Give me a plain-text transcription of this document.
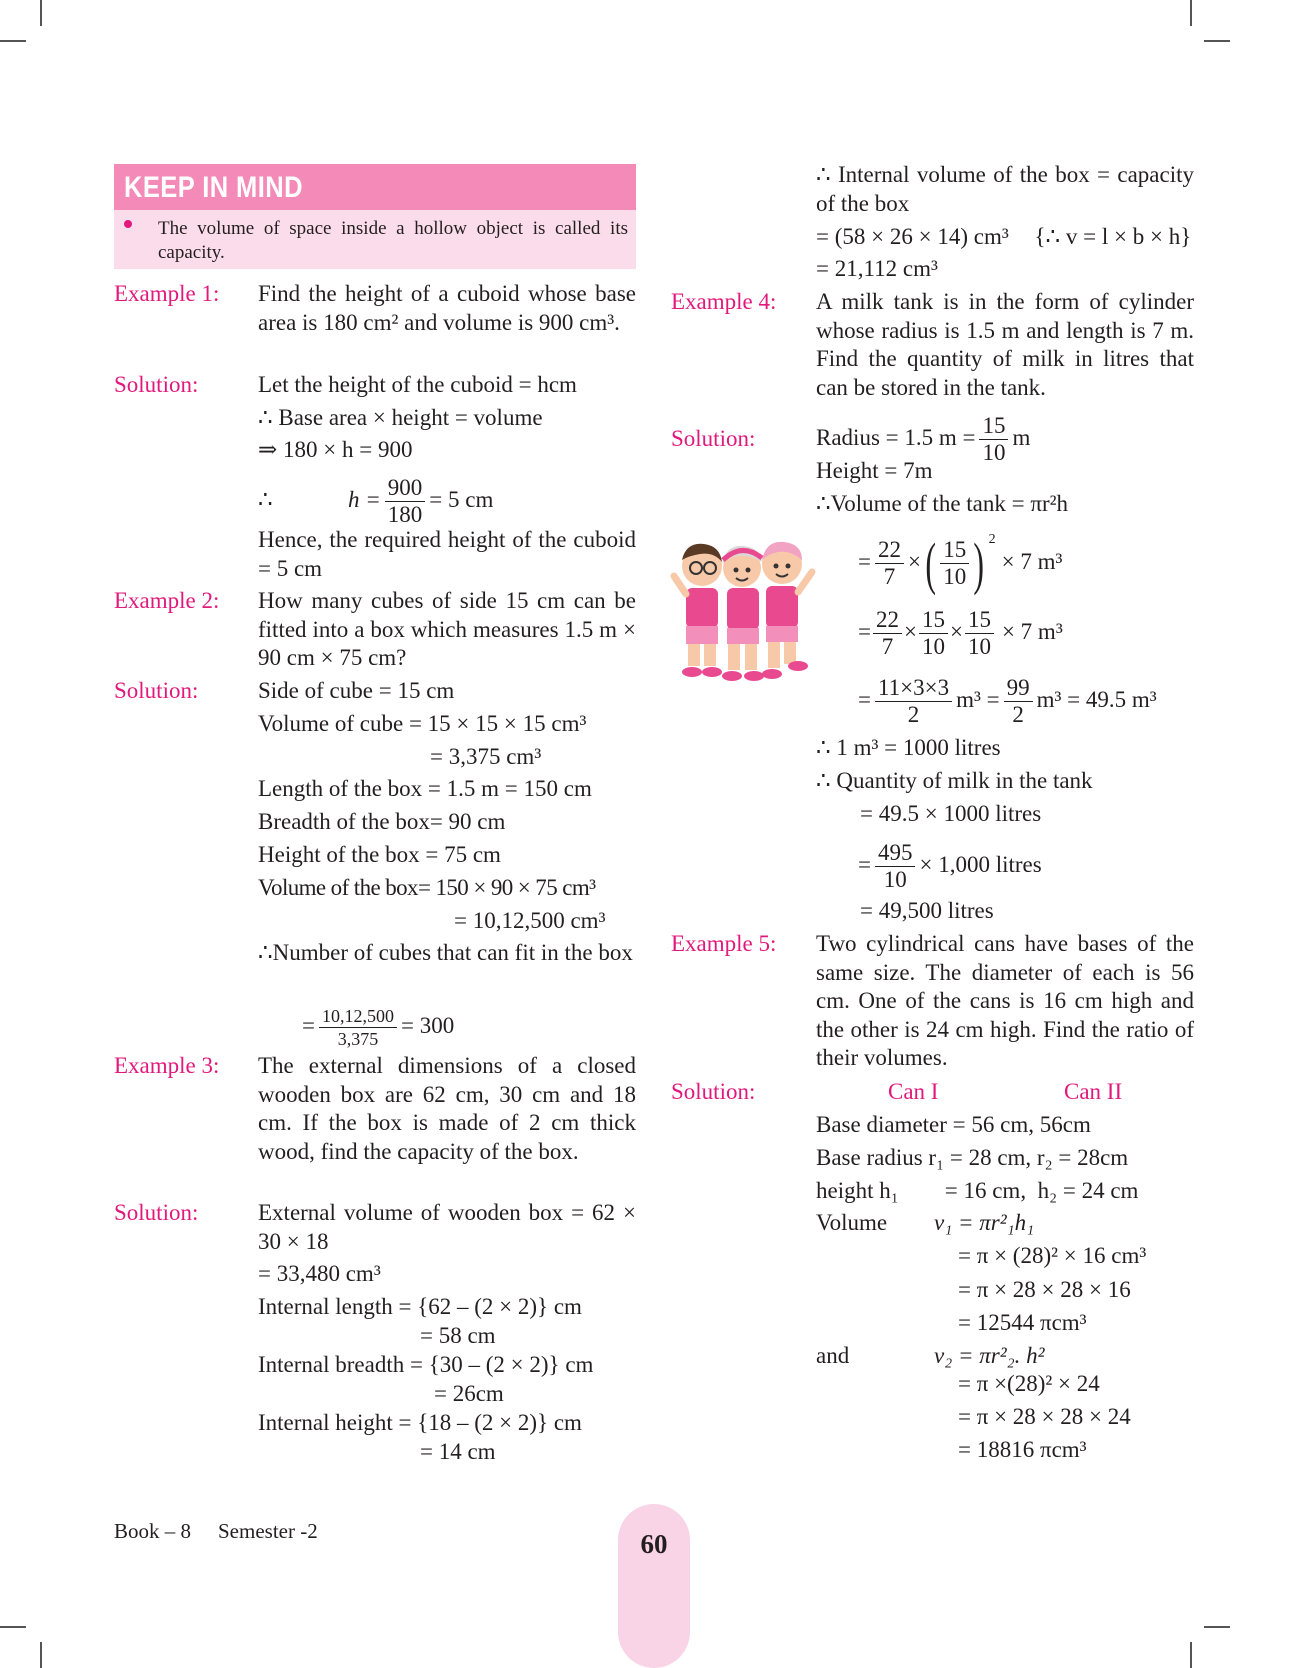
KEEP IN MIND
The volume of space inside a hollow object is called its capacity.
Example 1: Find the height of a cuboid whose base area is 180 cm² and volume is 900 cm³.
Solution:	Let the height of the cuboid = hcm
∴ Base area × height = volume
⇒ 180 × h = 900
∴	$h = \frac{900}{180} = 5$ cm
Hence, the required height of the cuboid = 5 cm
Example 2: How many cubes of side 15 cm can be fitted into a box which measures 1.5 m × 90 cm × 75 cm?
Solution:	Side of cube = 15 cm
Volume of cube = 15 × 15 × 15 cm³
= 3,375 cm³
Length of the box = 1.5 m = 150 cm
Breadth of the box= 90 cm
Height of the box = 75 cm
Volume of the box= 150 × 90 × 75 cm³
= 10,12,500 cm³
∴Number of cubes that can fit in the box
= $\frac{10,12,500}{3,375} = 300$
Example 3: The external dimensions of a closed wooden box are 62 cm, 30 cm and 18 cm. If the box is made of 2 cm thick wood, find the capacity of the box.
Solution:	External volume of wooden box = 62 × 30 × 18
= 33,480 cm³
Internal length = {62 – (2 × 2)} cm
= 58 cm
Internal breadth = {30 – (2 × 2)} cm
= 26cm
Internal height = {18 – (2 × 2)} cm
= 14 cm
∴ Internal volume of the box = capacity of the box
= (58 × 26 × 14) cm³ {∴ v = l × b × h}
= 21,112 cm³
Example 4: A milk tank is in the form of cylinder whose radius is 1.5 m and length is 7 m. Find the quantity of milk in litres that can be stored in the tank.
Solution:	Radius = 1.5 $m = \frac{15}{10}$ m
Height = 7m
∴Volume of the tank = πr²h
= $\frac{22}{7}$ ×( $\frac{15}{10}$ ) $^2$× 7 m³
= $\frac{22}{7} \times \frac{15}{10} \times \frac{15}{10} \times 7$ m³
= $\frac{11\times 3\times 3}{2} m^3 = \frac{99}{2} m^3 = 49.5$ m³
∴ 1 m³ = 1000 litres
∴ Quantity of milk in the tank
= 49.5 × 1000 litres
= $\frac{495}{10} \times 1,000$ litres
= 49,500 litres
Example 5: Two cylindrical cans have bases of the same size. The diameter of each is 56 cm. One of the cans is 16 cm high and the other is 24 cm high. Find the ratio of their volumes.
Solution:	Can I	Can II
Base diameter = 56 cm, 56cm
Base radius r₁ = 28 cm, r₂ = 28cm
height h₁        = 16 cm,  h₂ = 24 cm
Volume v₁ = πr²₁h₁
= π × (28)² × 16 cm³
= π × 28 × 28 × 16
= 12544 πcm³
and	v₂ = πr²₂. h²
= π ×(28)² × 24
= π × 28 × 28 × 24
= 18816 πcm³
Book – 8 Semester -2	60
